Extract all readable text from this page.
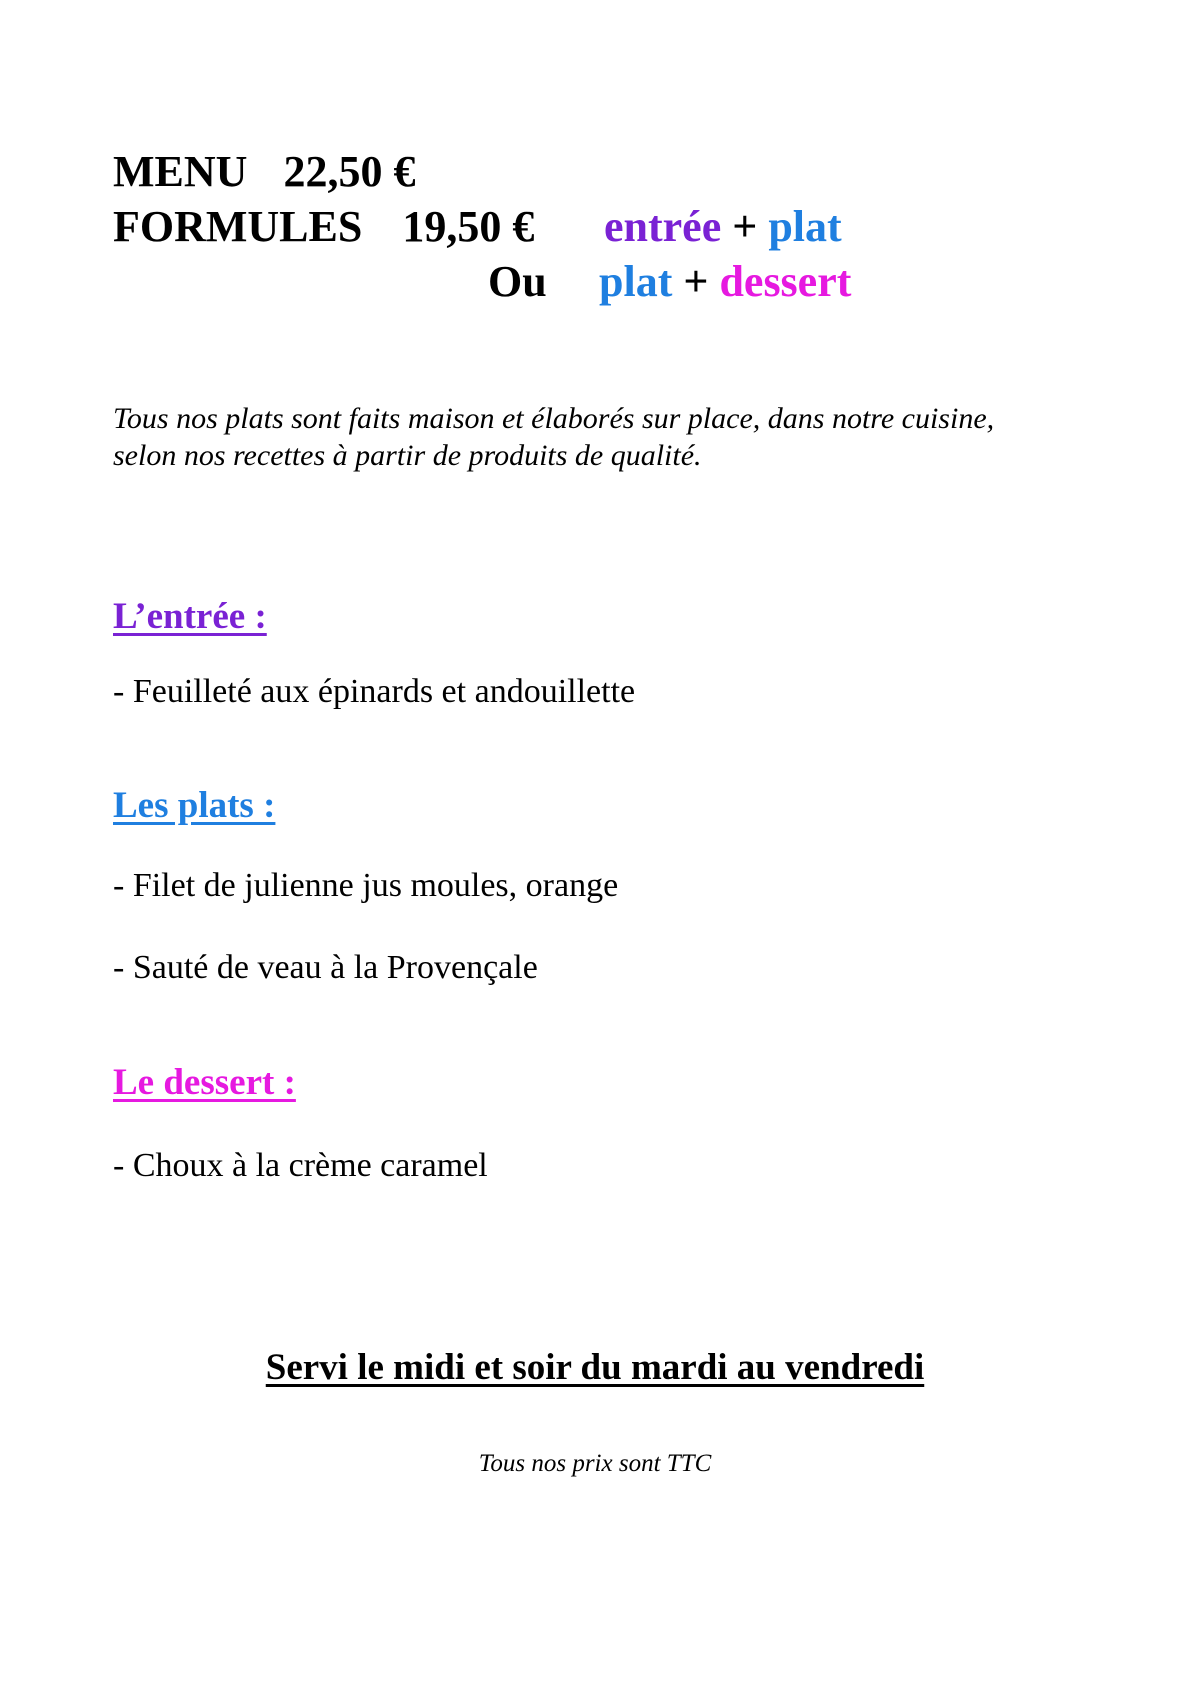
MENU 22,50 €
FORMULES 19,50 € entrée + plat
Ou plat + dessert
Tous nos plats sont faits maison et élaborés sur place, dans notre cuisine,
selon nos recettes à partir de produits de qualité.
L’entrée :
- Feuilleté aux épinards et andouillette
Les plats :
- Filet de julienne jus moules, orange
- Sauté de veau à la Provençale
Le dessert :
- Choux à la crème caramel
Servi le midi et soir du mardi au vendredi
Tous nos prix sont TTC
